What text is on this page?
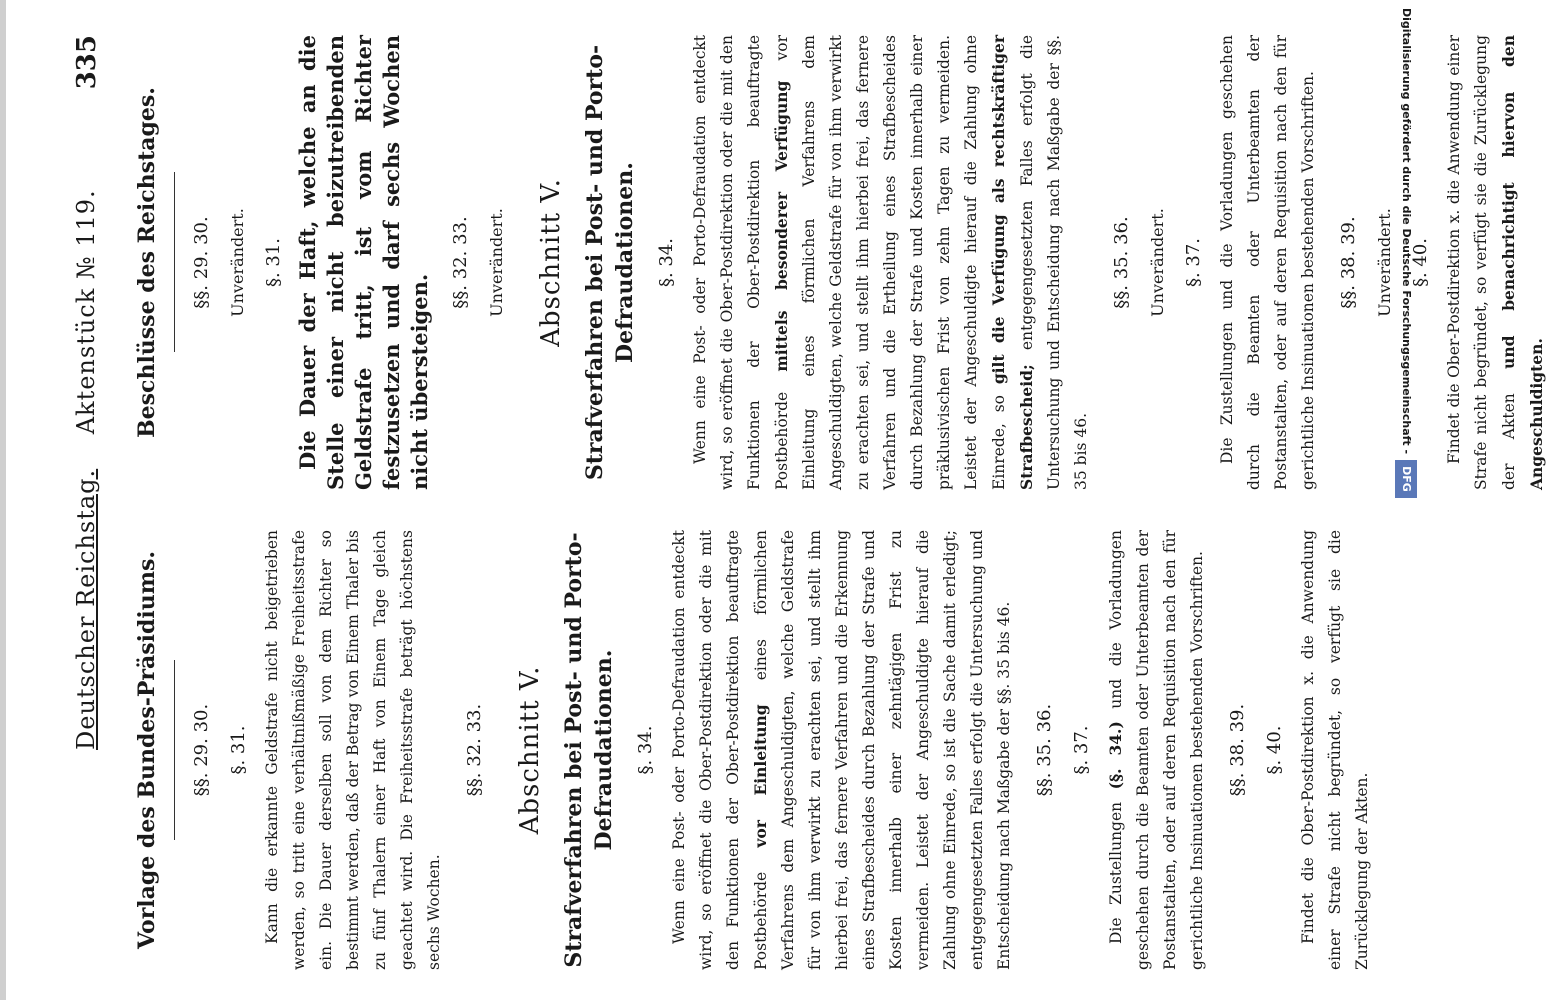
Deutscher Reichstag.    Aktenstück № 119.
335
Vorlage des Bundes-Präsidiums. §§. 29. 30. §. 31. Kann die erkannte Geldstrafe nicht beigetrieben werden, so tritt eine verhältnißmäßige Freiheitsstrafe ein. Die Dauer derselben soll von dem Richter so bestimmt werden, daß der Betrag von Einem Thaler bis zu fünf Thalern einer Haft von Einem Tage gleich geachtet wird. Die Freiheitsstrafe beträgt höchstens sechs Wochen.

§§. 32. 33. Abschnitt V. Strafverfahren bei Post- und Porto-Defraudationen. §. 34. Wenn eine Post- oder Porto-Defraudation entdeckt wird, so eröffnet die Ober-Postdirektion oder die mit den Funktionen der Ober-Postdirektion beauftragte Postbehörde vor Einleitung eines förmlichen Verfahrens dem Angeschuldigten, welche Geldstrafe für von ihm verwirkt zu erachten sei, und stellt ihm hierbei frei, das fernere Verfahren und die Erkennung eines Strafbescheides durch Bezahlung der Strafe und Kosten innerhalb einer zehntägigen Frist zu vermeiden. Leistet der Angeschuldigte hierauf die Zahlung ohne Einrede, so ist die Sache damit erledigt; entgegengesetzten Falles erfolgt die Untersuchung und Entscheidung nach Maßgabe der §§. 35 bis 46. §§. 35. 36. §. 37.

Die Zustellungen (§. 34.) und die Vorladungen geschehen durch die Beamten oder Unterbeamten der Postanstalten, oder auf deren Requisition nach den für gerichtliche Insinuationen bestehenden Vorschriften. §§. 38. 39. §. 40. Findet die Ober-Postdirektion x. die Anwendung einer Strafe nicht begründet, so verfügt sie die Zurücklegung der Akten.

Beschlüsse des Reichstages. §§. 29. 30. Unverändert. §. 31. Die Dauer der Haft, welche an die Stelle einer nicht beizutreibenden Geldstrafe tritt, ist vom Richter festzusetzen und darf sechs Wochen nicht übersteigen.

§§. 32. 33. Unverändert. Abschnitt V. Strafverfahren bei Post- und Porto-Defraudationen. §. 34. Wenn eine Post- oder Porto-Defraudation entdeckt wird, so eröffnet die Ober-Postdirektion oder die mit den Funktionen der Ober-Postdirektion beauftragte Postbehörde mittels besonderer Verfügung vor Einleitung eines förmlichen Verfahrens dem Angeschuldigten, welche Geldstrafe für von ihm verwirkt zu erachten sei, und stellt ihm hierbei frei, das fernere Verfahren und die Ertheilung eines Strafbescheides durch Bezahlung der Strafe und Kosten innerhalb einer präklusivischen Frist von zehn Tagen zu vermeiden. Leistet der Angeschuldigte hierauf die Zahlung ohne Einrede, so gilt die Verfügung als rechtskräftiger Strafbescheid; entgegengesetzten Falles erfolgt die Untersuchung und Entscheidung nach Maßgabe der §§. 35 bis 46.

§§. 35. 36. Unverändert. §. 37. Die Zustellungen und die Vorladungen geschehen durch die Beamten oder Unterbeamten der Postanstalten, oder auf deren Requisition nach den für gerichtliche Insinuationen bestehenden Vorschriften. §§. 38. 39. Unverändert. §. 40. Findet die Ober-Postdirektion x. die Anwendung einer Strafe nicht begründet, so verfügt sie die Zurücklegung der Akten und benachrichtigt hiervon den Angeschuldigten.

Digitalisierung gefördert durch die Deutsche Forschungsgemeinschaft -DFG
